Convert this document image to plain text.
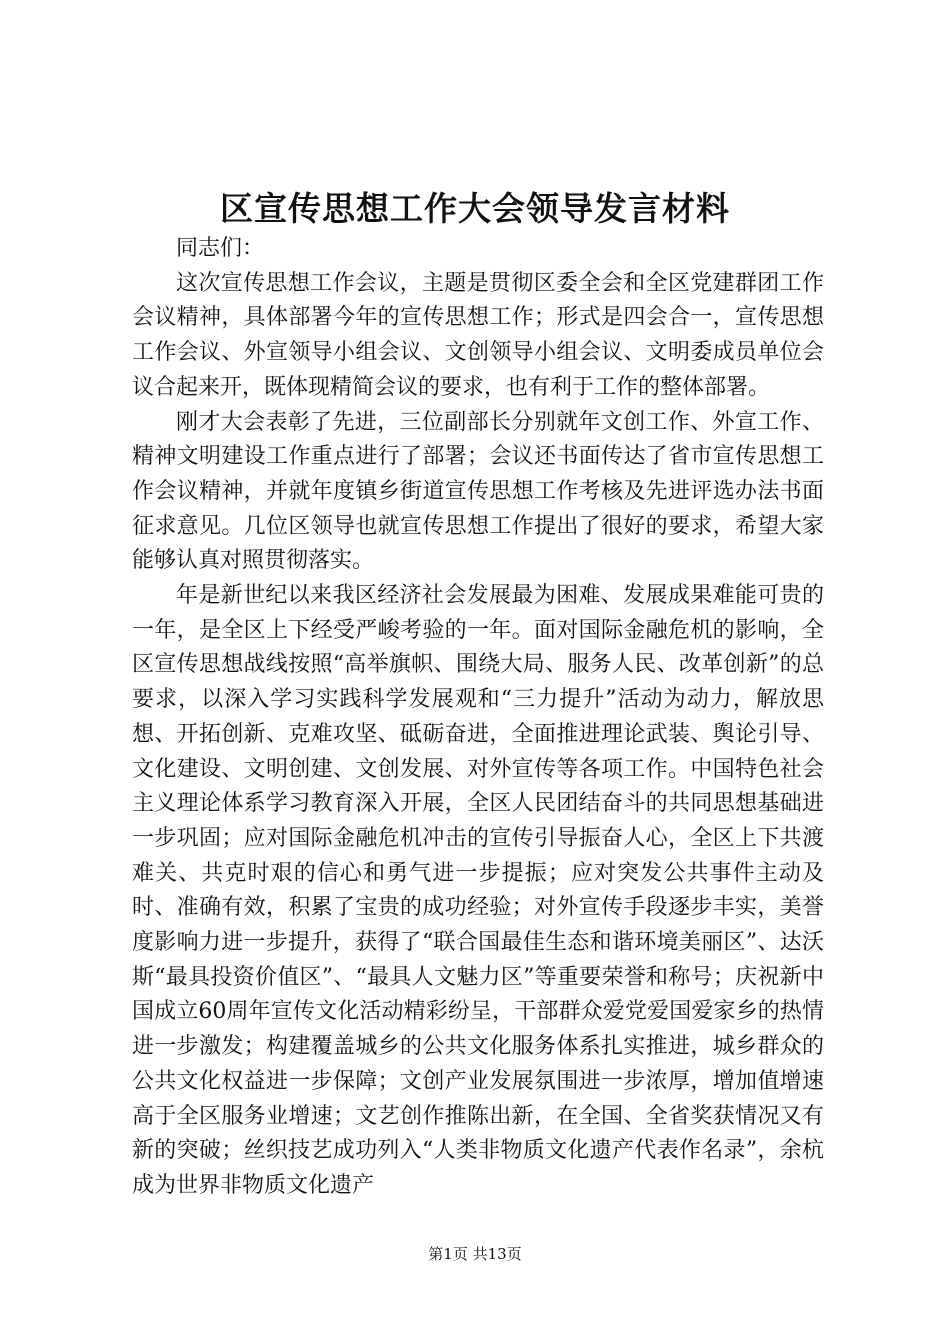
区宣传思想工作大会领导发言材料

同志们：

这次宣传思想工作会议，主题是贯彻区委全会和全区党建群团工作会议精神，具体部署今年的宣传思想工作；形式是四会合一，宣传思想工作会议、外宣领导小组会议、文创领导小组会议、文明委成员单位会议合起来开，既体现精简会议的要求，也有利于工作的整体部署。

刚才大会表彰了先进，三位副部长分别就年文创工作、外宣工作、精神文明建设工作重点进行了部署；会议还书面传达了省市宣传思想工作会议精神，并就年度镇乡街道宣传思想工作考核及先进评选办法书面征求意见。几位区领导也就宣传思想工作提出了很好的要求，希望大家能够认真对照贯彻落实。

年是新世纪以来我区经济社会发展最为困难、发展成果难能可贵的一年，是全区上下经受严峻考验的一年。面对国际金融危机的影响，全区宣传思想战线按照“高举旗帜、围绕大局、服务人民、改革创新”的总要求，以深入学习实践科学发展观和“三力提升”活动为动力，解放思想、开拓创新、克难攻坚、砥砺奋进，全面推进理论武装、舆论引导、文化建设、文明创建、文创发展、对外宣传等各项工作。中国特色社会主义理论体系学习教育深入开展，全区人民团结奋斗的共同思想基础进一步巩固；应对国际金融危机冲击的宣传引导振奋人心，全区上下共渡难关、共克时艰的信心和勇气进一步提振；应对突发公共事件主动及时、准确有效，积累了宝贵的成功经验；对外宣传手段逐步丰实，美誉度影响力进一步提升，获得了“联合国最佳生态和谐环境美丽区”、达沃斯“最具投资价值区”、“最具人文魅力区”等重要荣誉和称号；庆祝新中国成立60周年宣传文化活动精彩纷呈，干部群众爱党爱国爱家乡的热情进一步激发；构建覆盖城乡的公共文化服务体系扎实推进，城乡群众的公共文化权益进一步保障；文创产业发展氛围进一步浓厚，增加值增速高于全区服务业增速；文艺创作推陈出新，在全国、全省奖获情况又有新的突破；丝织技艺成功列入“人类非物质文化遗产代表作名录”，余杭成为世界非物质文化遗产

第1页 共13页
